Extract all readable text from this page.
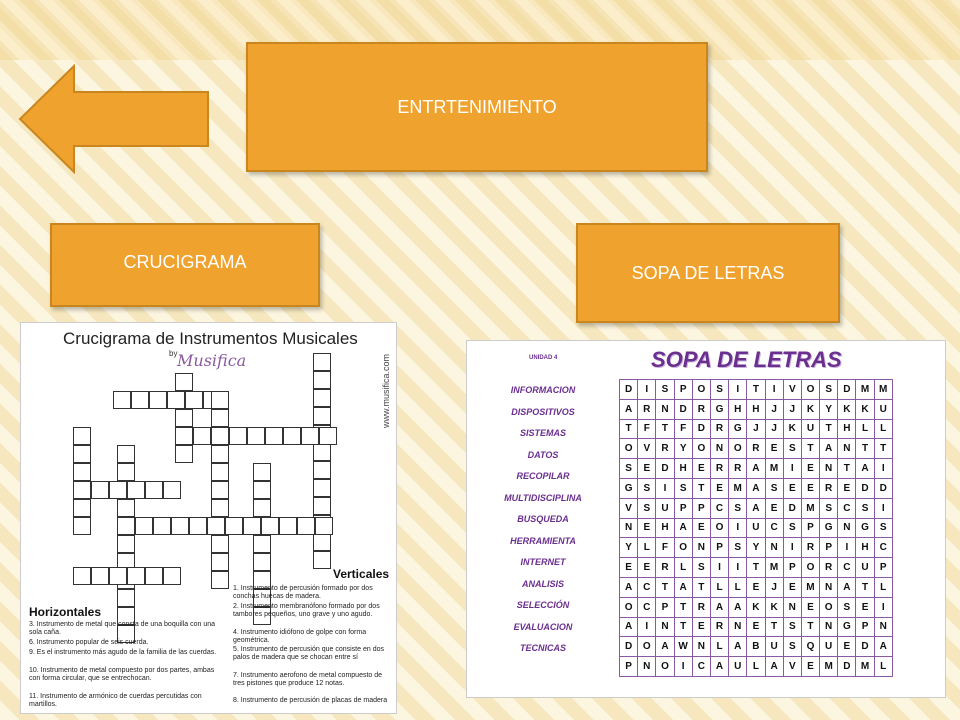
ENTRTENIMIENTO
CRUCIGRAMA
SOPA DE LETRAS
Crucigrama de Instrumentos Musicales
by Musifica	www.musifica.com
Verticales
1. Instrumento de percusión formado por dos conchas huecas de madera.
2. Instrumento membranófono formado por dos tambores pequeños, uno grave y uno agudo.
4. Instrumento idiófono de golpe con forma geométrica.
5. Instrumento de percusión que consiste en dos palos de madera que se chocan entre sí
7. Instrumento aerofono de metal compuesto de tres pistones que produce 12 notas.
8. Instrumento de percusión de placas de madera
Horizontales
3. Instrumento de metal que consta de una boquilla con una sola caña.
6. Instrumento popular de seis cuerda.
9. Es el instrumento más agudo de la familia de las cuerdas.
10. Instrumento de metal compuesto por dos partes, ambas con forma circular, que se entrechocan.
11. Instrumento de armónico de cuerdas percutidas con martillos.
UNIDAD 4	SOPA DE LETRAS
INFORMACION
DISPOSITIVOS
SISTEMAS
DATOS
RECOPILAR
MULTIDISCIPLINA
BUSQUEDA
HERRAMIENTA
INTERNET
ANALISIS
SELECCIÓN
EVALUACION
TECNICAS
D	I	S	P	O	S	I	T	I	V	O	S	D	M	M
A	R	N	D	R	G	H	H	J	J	K	Y	K	K	U
T	F	T	F	D	R	G	J	J	K	U	T	H	L	L
O	V	R	Y	O	N	O	R	E	S	T	A	N	T	T
S	E	D	H	E	R	R	A	M	I	E	N	T	A	I
G	S	I	S	T	E	M	A	S	E	E	R	E	D	D
V	S	U	P	P	C	S	A	E	D	M	S	C	S	I
N	E	H	A	E	O	I	U	C	S	P	G	N	G	S
Y	L	F	O	N	P	S	Y	N	I	R	P	I	H	C
E	E	R	L	S	I	I	T	M	P	O	R	C	U	P
A	C	T	A	T	L	L	E	J	E	M	N	A	T	L
O	C	P	T	R	A	A	K	K	N	E	O	S	E	I
A	I	N	T	E	R	N	E	T	S	T	N	G	P	N
D	O	A	W	N	L	A	B	U	S	Q	U	E	D	A
P	N	O	I	C	A	U	L	A	V	E	M	D	M	L
